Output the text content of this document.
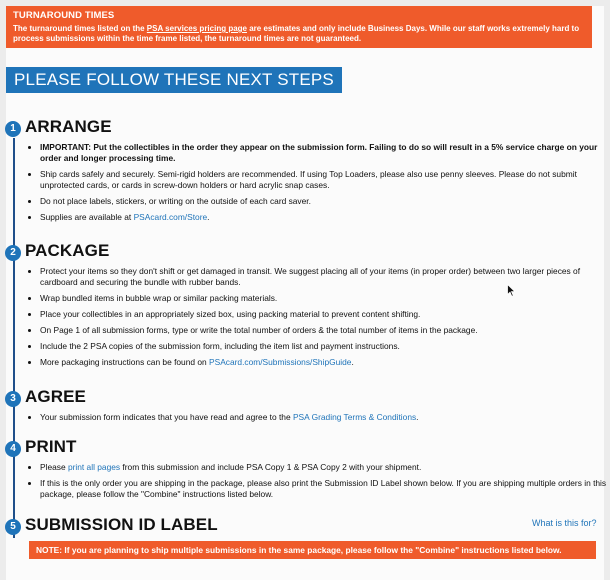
TURNAROUND TIMES
The turnaround times listed on the PSA services pricing page are estimates and only include Business Days. While our staff works extremely hard to process submissions within the time frame listed, the turnaround times are not guaranteed.
PLEASE FOLLOW THESE NEXT STEPS
1 ARRANGE
• IMPORTANT: Put the collectibles in the order they appear on the submission form. Failing to do so will result in a 5% service charge on your order and longer processing time.
• Ship cards safely and securely. Semi-rigid holders are recommended. If using Top Loaders, please also use penny sleeves. Please do not submit unprotected cards, or cards in screw-down holders or hard acrylic snap cases.
• Do not place labels, stickers, or writing on the outside of each card saver.
• Supplies are available at PSAcard.com/Store.
2 PACKAGE
• Protect your items so they don't shift or get damaged in transit. We suggest placing all of your items (in proper order) between two larger pieces of cardboard and securing the bundle with rubber bands.
• Wrap bundled items in bubble wrap or similar packing materials.
• Place your collectibles in an appropriately sized box, using packing material to prevent content shifting.
• On Page 1 of all submission forms, type or write the total number of orders & the total number of items in the package.
• Include the 2 PSA copies of the submission form, including the item list and payment instructions.
• More packaging instructions can be found on PSAcard.com/Submissions/ShipGuide.
3 AGREE
• Your submission form indicates that you have read and agree to the PSA Grading Terms & Conditions.
4 PRINT
• Please print all pages from this submission and include PSA Copy 1 & PSA Copy 2 with your shipment.
• If this is the only order you are shipping in the package, please also print the Submission ID Label shown below. If you are shipping multiple orders in this package, please follow the "Combine" instructions listed below.
5 SUBMISSION ID LABEL	What is this for?
NOTE: If you are planning to ship multiple submissions in the same package, please follow the "Combine" instructions listed below.
